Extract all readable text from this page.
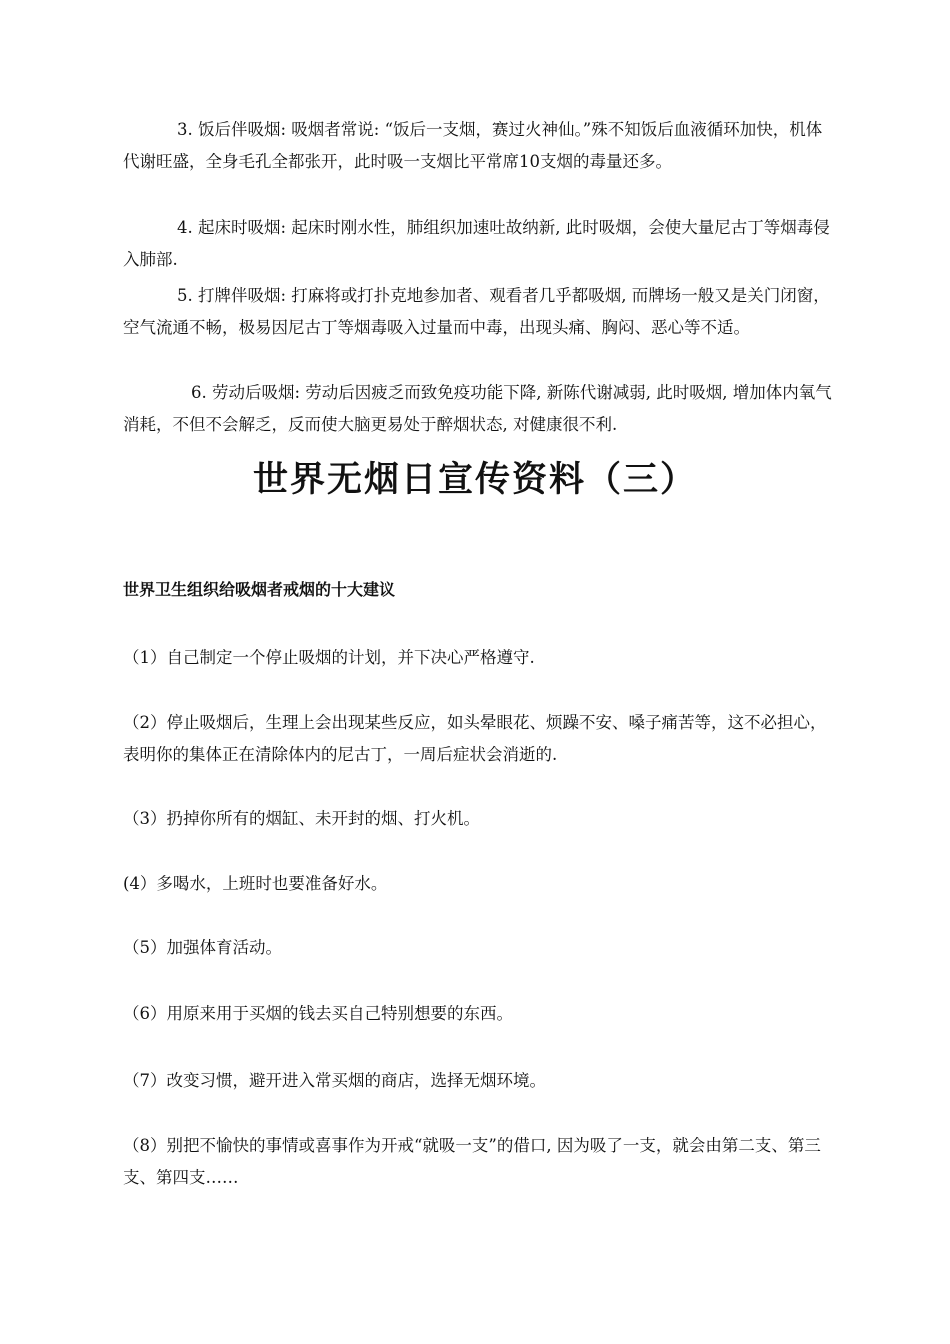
3. 饭后伴吸烟: 吸烟者常说: “饭后一支烟，赛过火神仙。”殊不知饭后血液循环加快，机体代谢旺盛，全身毛孔全都张开，此时吸一支烟比平常席10支烟的毒量还多。
4. 起床时吸烟: 起床时刚水性，肺组织加速吐故纳新, 此时吸烟，会使大量尼古丁等烟毒侵入肺部.
5. 打牌伴吸烟: 打麻将或打扑克地参加者、观看者几乎都吸烟, 而牌场一般又是关门闭窗，空气流通不畅，极易因尼古丁等烟毒吸入过量而中毒，出现头痛、胸闷、恶心等不适。
6. 劳动后吸烟: 劳动后因疲乏而致免疫功能下降, 新陈代谢减弱, 此时吸烟, 增加体内氧气消耗，不但不会解乏，反而使大脑更易处于醉烟状态, 对健康很不利.
世界无烟日宣传资料（三）
世界卫生组织给吸烟者戒烟的十大建议
（1）自己制定一个停止吸烟的计划，并下决心严格遵守.
（2）停止吸烟后，生理上会出现某些反应，如头晕眼花、烦躁不安、嗓子痛苦等，这不必担心，表明你的集体正在清除体内的尼古丁，一周后症状会消逝的.
（3）扔掉你所有的烟缸、未开封的烟、打火机。
(4）多喝水，上班时也要准备好水。
（5）加强体育活动。
（6）用原来用于买烟的钱去买自己特别想要的东西。
（7）改变习惯，避开进入常买烟的商店，选择无烟环境。
（8）别把不愉快的事情或喜事作为开戒“就吸一支”的借口, 因为吸了一支，就会由第二支、第三支、第四支……
